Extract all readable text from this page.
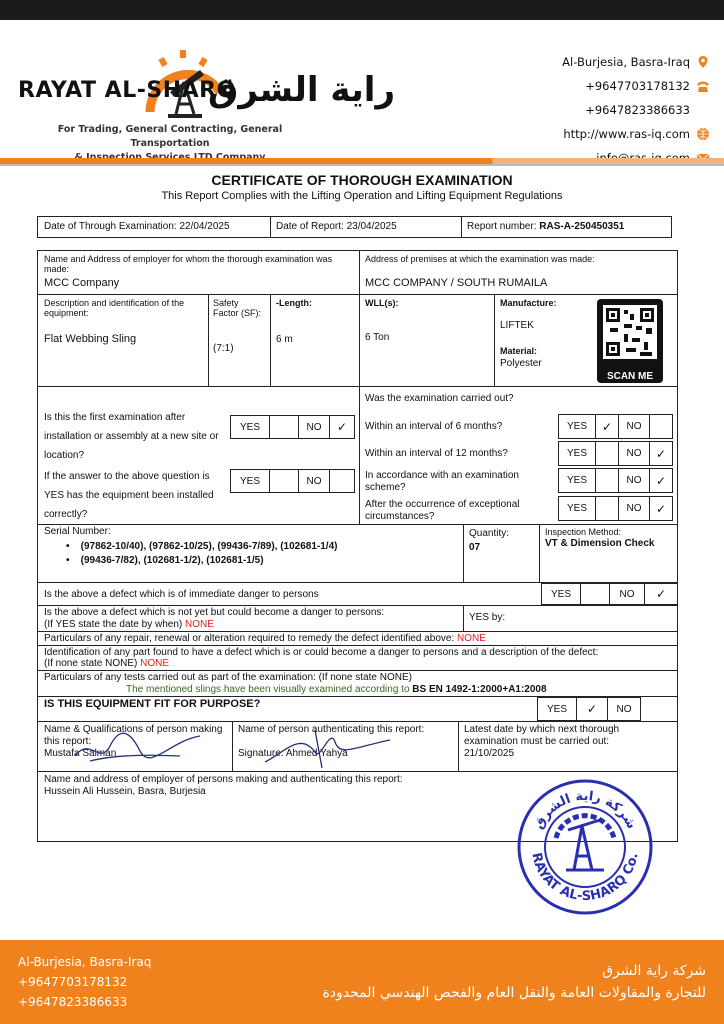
RAYAT AL-SHARQ
راية الشرق
For Trading, General Contracting, General Transportation
Al-Burjesia, Basra-Iraq
+9647703178132
+9647823386633
http://www.ras-iq.com
CERTIFICATE OF THOROUGH EXAMINATION
This Report Complies with the Lifting Operation and Lifting Equipment Regulations
Date of Through Examination: 22/04/2025	Date of Report: 23/04/2025	Report number: RAS-A-250450351
Name and Address of employer for whom the thorough examination was made:
MCC Company
Address of premises at which the examination was made:
MCC COMPANY / SOUTH RUMAILA
Description and identification of the equipment:
Flat Webbing Sling
Safety Factor (SF):
(7:1)
-Length:
6 m
WLL(s):
6 Ton
Manufacture:
LIFTEK
Material:
Polyester
SCAN ME
Is this the first examination after installation or assembly at a new site or location?
YES	NO	✓
If the answer to the above question is YES has the equipment been installed correctly?
YES	NO
Was the examination carried out?
Within an interval of 6 months?	YES	✓	NO
Within an interval of 12 months?	YES	NO	✓
In accordance with an examination scheme?
YES	NO	✓
After the occurrence of exceptional circumstances?
YES	NO	✓
Serial Number:
•    (97862-10/40), (97862-10/25), (99436-7/89), (102681-1/4)
•    (99436-7/82), (102681-1/2), (102681-1/5)
Quantity:
07
Inspection Method:
VT & Dimension Check
Is the above a defect which is of immediate danger to persons	YES	NO	✓
Is the above a defect which is not yet but could become a danger to persons:
(If YES state the date by when) NONE
YES by:
Particulars of any repair, renewal or alteration required to remedy the defect identified above: NONE
Identification of any part found to have a defect which is or could become a danger to persons and a description of the defect:
(If none state NONE) NONE
Particulars of any tests carried out as part of the examination: (If none state NONE)
The mentioned slings have been visually examined according to BS EN 1492-1:2000+A1:2008
IS THIS EQUIPMENT FIT FOR PURPOSE?	YES	✓	NO
Name & Qualifications of person making this report:
Mustafa Salman
Name of person authenticating this report:
Signature: Ahmed Yahya
Latest date by which next thorough examination must be carried out:
21/10/2025
Name and address of employer of persons making and authenticating this report:
Hussein Ali Hussein, Basra, Burjesia
شركة راية الشرق
RAYAT AL-SHARQ Co.
Al-Burjesia, Basra-Iraq
+9647703178132
+9647823386633
شركة راية الشرق
للتجارة والمقاولات العامة والنقل العام والفحص الهندسي المحدودة
